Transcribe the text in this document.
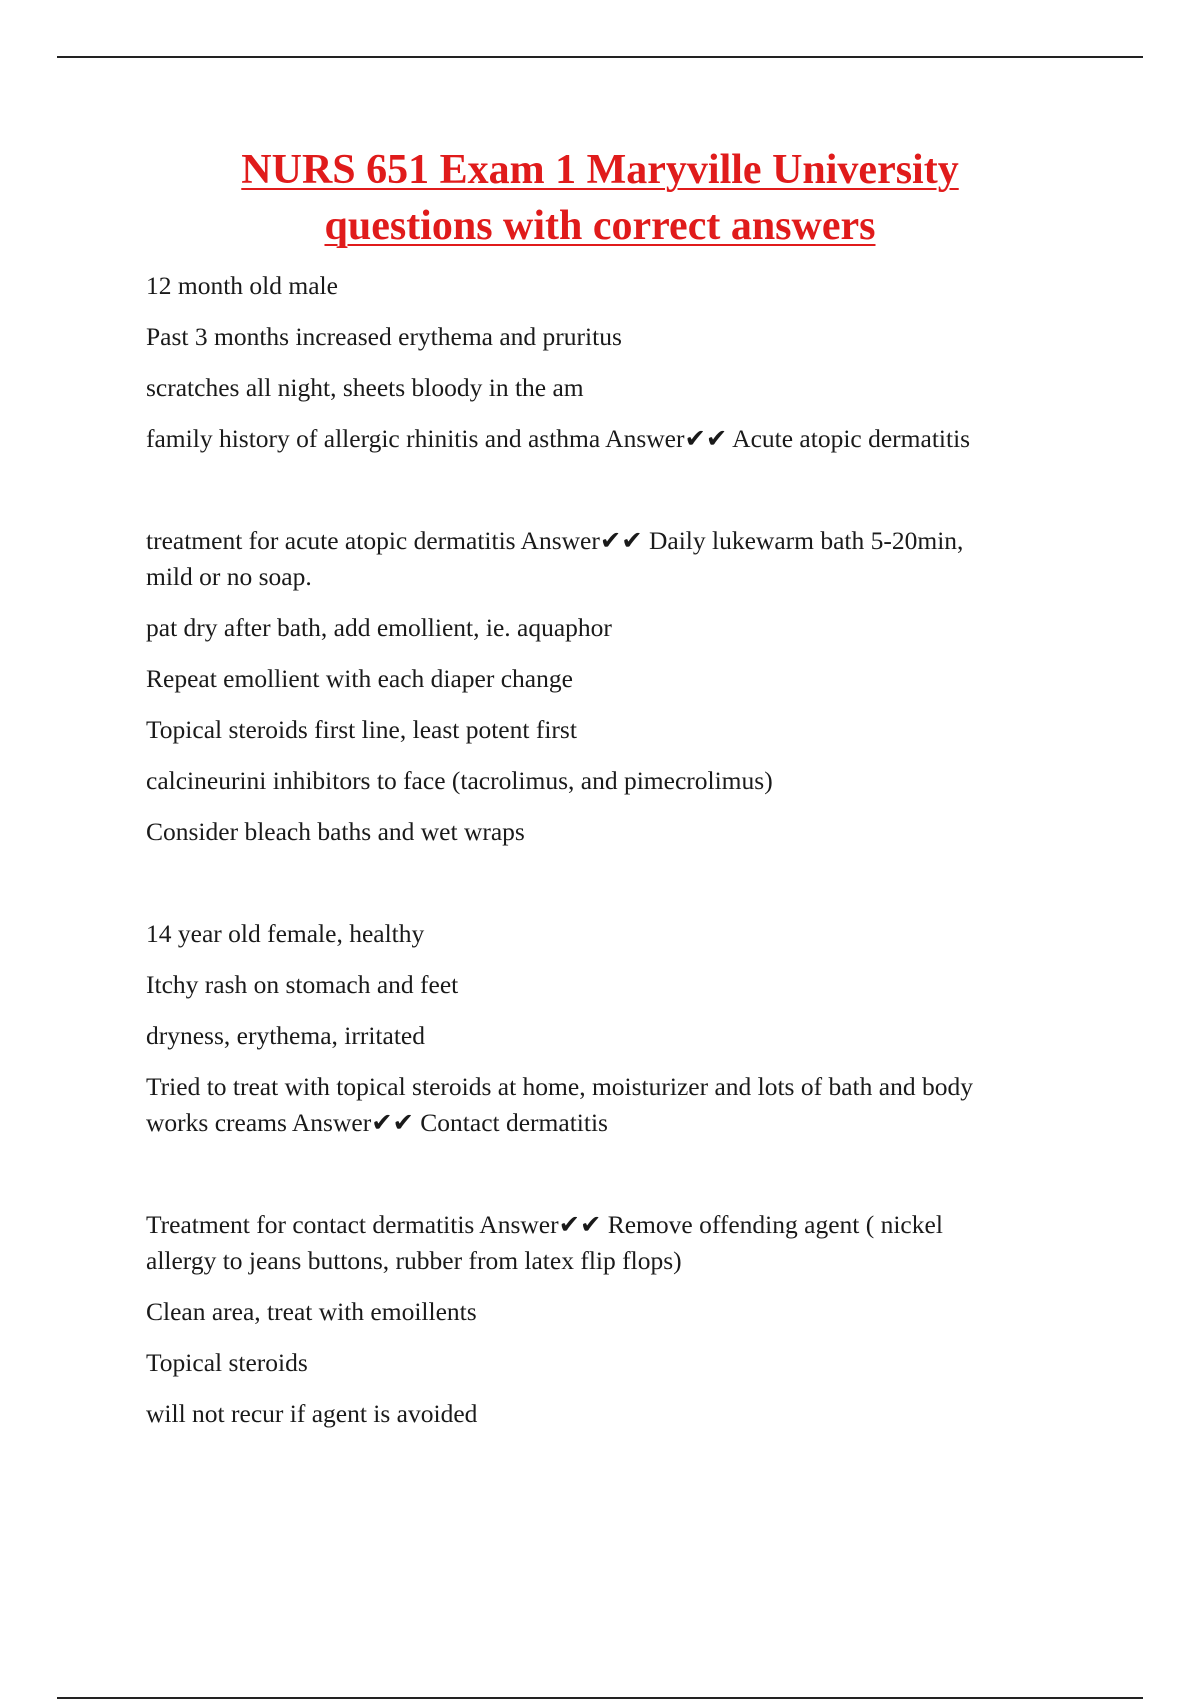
NURS 651 Exam 1 Maryville University
questions with correct answers

12 month old male

Past 3 months increased erythema and pruritus

scratches all night, sheets bloody in the am

family history of allergic rhinitis and asthma Answer✔✔ Acute atopic dermatitis

treatment for acute atopic dermatitis Answer✔✔ Daily lukewarm bath 5-20min,

mild or no soap.

pat dry after bath, add emollient, ie. aquaphor

Repeat emollient with each diaper change

Topical steroids first line, least potent first

calcineurini inhibitors to face (tacrolimus, and pimecrolimus)

Consider bleach baths and wet wraps

14 year old female, healthy

Itchy rash on stomach and feet

dryness, erythema, irritated

Tried to treat with topical steroids at home, moisturizer and lots of bath and body

works creams Answer✔✔ Contact dermatitis

Treatment for contact dermatitis Answer✔✔ Remove offending agent ( nickel

allergy to jeans buttons, rubber from latex flip flops)

Clean area, treat with emoillents

Topical steroids

will not recur if agent is avoided
